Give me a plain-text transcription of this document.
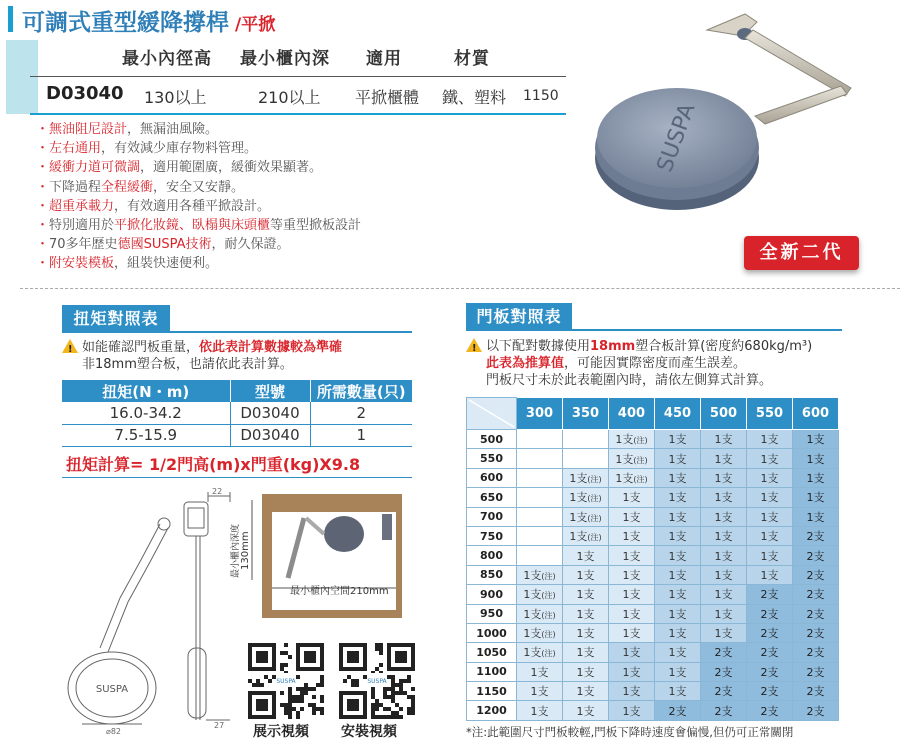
可調式重型緩降撐桿 /平掀
最小內徑高 最小櫃內深 適用	材質
D03040 130以上	210以上 平掀櫃體 鐵、塑料 1150
・無油阻尼設計，無漏油風險。
・左右通用，有效減少庫存物料管理。
・緩衝力道可微調，適用範圍廣，緩衝效果顯著。
・下降過程全程緩衝，安全又安靜。
・超重承載力，有效適用各種平掀設計。
・特別適用於平掀化妝鏡、臥榻與床頭櫃等重型掀板設計
・70多年歷史德國SUSPA技術，耐久保證。
・附安裝模板，組裝快速便利。
SUSPA
全新二代
扭矩對照表
!如能確認門板重量，依此表計算數據較為準確
非18mm塑合板，也請依此表計算。
扭矩(N・m)	型號	所需數量(只)
16.0-34.2	D03040	2
7.5-15.9	D03040	1
扭矩計算= 1/2門高(m)x門重(kg)X9.8
SUSPA
22
27
⌀82
最小櫃內深度 130mm
最小櫃內空間210mm
SUSPA	SUSPA
展示視頻 安裝視頻
門板對照表
!以下配對數據使用18mm塑合板計算(密度約680kg/m³)
此表為推算值，可能因實際密度而產生誤差。
門板尺寸未於此表範圍內時，請依左側算式計算。
	300	350	400	450	500	550	600
500			1支(注)	1支	1支	1支	1支
550			1支(注)	1支	1支	1支	1支
600		1支(注)	1支(注)	1支	1支	1支	1支
650		1支(注)	1支	1支	1支	1支	1支
700		1支(注)	1支	1支	1支	1支	1支
750		1支(注)	1支	1支	1支	1支	2支
800		1支	1支	1支	1支	1支	2支
850	1支(注)	1支	1支	1支	1支	1支	2支
900	1支(注)	1支	1支	1支	1支	2支	2支
950	1支(注)	1支	1支	1支	1支	2支	2支
1000	1支(注)	1支	1支	1支	1支	2支	2支
1050	1支(注)	1支	1支	1支	2支	2支	2支
1100	1支	1支	1支	1支	2支	2支	2支
1150	1支	1支	1支	1支	2支	2支	2支
1200	1支	1支	1支	2支	2支	2支	2支
*注:此範圍尺寸門板較輕,門板下降時速度會偏慢,但仍可正常關閉
